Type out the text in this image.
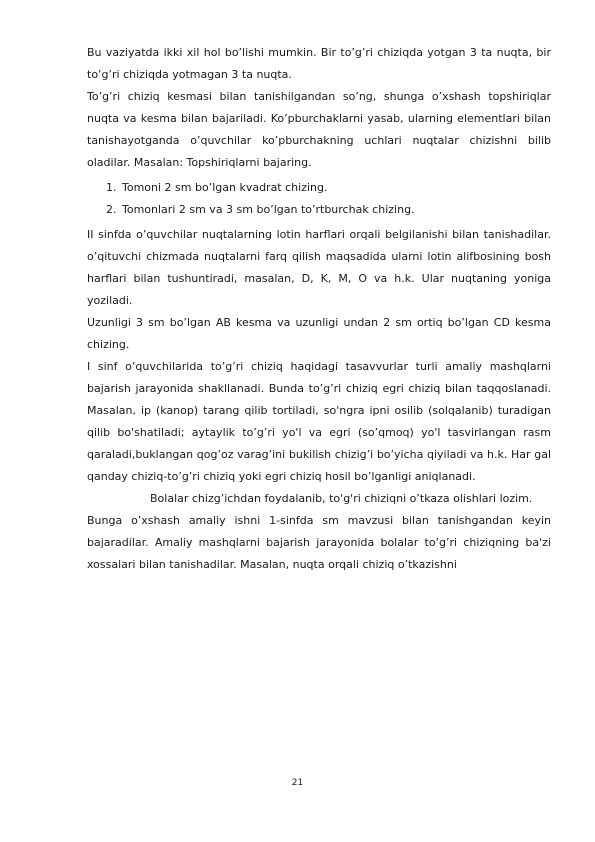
Bu vaziyatda ikki xil hol bo’lishi mumkin. Bir to’g’ri chiziqda yotgan 3 ta nuqta, bir to’g’ri chiziqda yotmagan 3 ta nuqta.

To’g’ri chiziq kesmasi bilan tanishilgandan so’ng, shunga o’xshash topshiriqlar nuqta va kesma bilan bajariladi. Ko’pburchaklarni yasab, ularning elementlari bilan tanishayotganda o’quvchilar ko’pburchakning uchlari nuqtalar chizishni bilib oladilar. Masalan: Topshiriqlarni bajaring.

1. Tomoni 2 sm bo’lgan kvadrat chizing.
2. Tomonlari 2 sm va 3 sm bo’lgan to’rtburchak chizing.

II sinfda o’quvchilar nuqtalarning lotin harflari orqali belgilanishi bilan tanishadilar. o’qituvchi chizmada nuqtalarni farq qilish maqsadida ularni lotin alifbosining bosh harflari bilan tushuntiradi, masalan, D, K, M, O va h.k. Ular nuqtaning yoniga yoziladi.

Uzunligi 3 sm bo’lgan AB kesma va uzunligi undan 2 sm ortiq bo’lgan CD kesma chizing.

I sinf o’quvchilarida to’g’ri chiziq haqidagi tasavvurlar turli amaliy mashqlarni bajarish jarayonida shakllanadi. Bunda to’g’ri chiziq egri chiziq bilan taqqoslanadi. Masalan, ip (kanop) tarang qilib tortiladi, so'ngra ipni osilib (solqalanib) turadigan qilib bo'shatiladi; aytaylik to’g’ri yo'l va egri (so’qmoq) yo'l tasvirlangan rasm qaraladi,buklangan qog’oz varag’ini bukilish chizig’i bo’yicha qiyiladi va h.k. Har gal qanday chiziq-to’g’ri chiziq yoki egri chiziq hosil bo’lganligi aniqlanadi.

Bolalar chizg’ichdan foydalanib, to'g'ri chiziqni o’tkaza olishlari lozim.

Bunga o’xshash amaliy ishni 1-sinfda sm mavzusi bilan tanishgandan keyin bajaradilar. Amaliy mashqlarni bajarish jarayonida bolalar to’g’ri chiziqning ba'zi xossalari bilan tanishadilar. Masalan, nuqta orqali chiziq o’tkazishni

21
